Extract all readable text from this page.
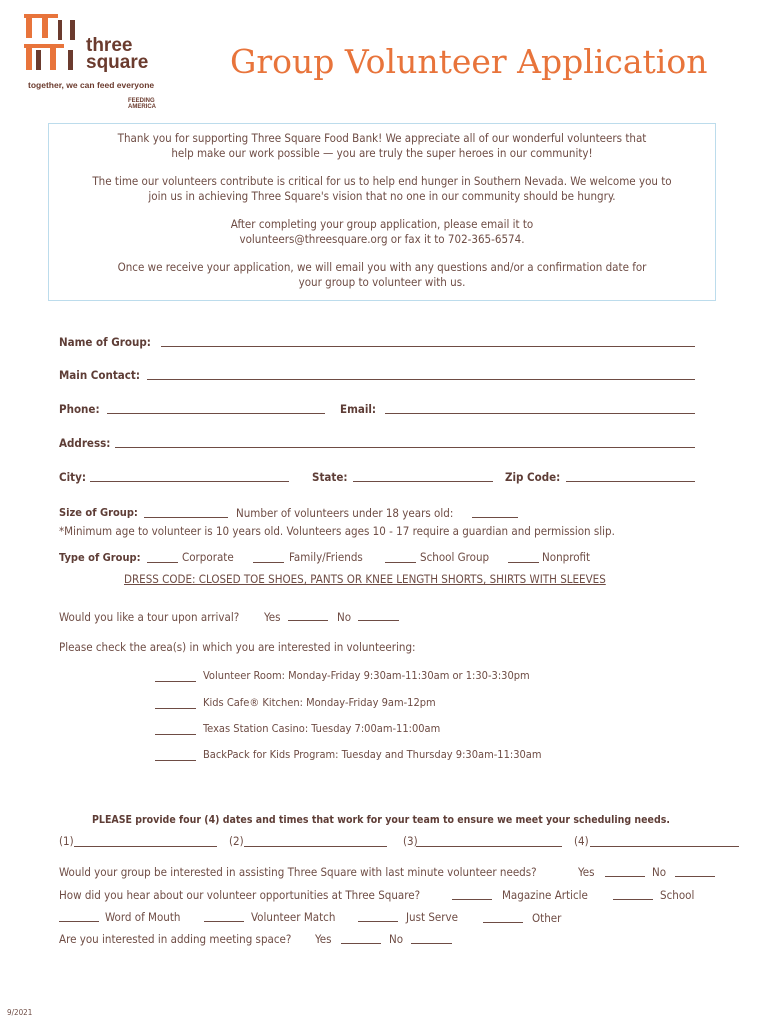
three
square
together, we can feed everyone
FEEDING AMERICA
Group Volunteer Application

Thank you for supporting Three Square Food Bank! We appreciate all of our wonderful volunteers that help make our work possible — you are truly the super heroes in our community!

The time our volunteers contribute is critical for us to help end hunger in Southern Nevada. We welcome you to join us in achieving Three Square's vision that no one in our community should be hungry.

After completing your group application, please email it to volunteers@threesquare.org or fax it to 702-365-6574.

Once we receive your application, we will email you with any questions and/or a confirmation date for your group to volunteer with us.

Name of Group:
Main Contact:
Phone:	Email:
Address:
City:	State:	Zip Code:
Size of Group:	Number of volunteers under 18 years old:
*Minimum age to volunteer is 10 years old. Volunteers ages 10 - 17 require a guardian and permission slip.
Type of Group:	Corporate	Family/Friends	School Group	Nonprofit
DRESS CODE: CLOSED TOE SHOES, PANTS OR KNEE LENGTH SHORTS, SHIRTS WITH SLEEVES
Would you like a tour upon arrival? Yes	No
Please check the area(s) in which you are interested in volunteering:
Volunteer Room: Monday-Friday 9:30am-11:30am or 1:30-3:30pm
Kids Cafe® Kitchen: Monday-Friday 9am-12pm
Texas Station Casino: Tuesday 7:00am-11:00am
BackPack for Kids Program: Tuesday and Thursday 9:30am-11:30am
PLEASE provide four (4) dates and times that work for your team to ensure we meet your scheduling needs.
(1)	(2)	(3)	(4)
Would your group be interested in assisting Three Square with last minute volunteer needs?	Yes	No
How did you hear about our volunteer opportunities at Three Square?	Magazine Article	School
Word of Mouth	Volunteer Match	Just Serve	Other
Are you interested in adding meeting space? Yes	No
9/2021
